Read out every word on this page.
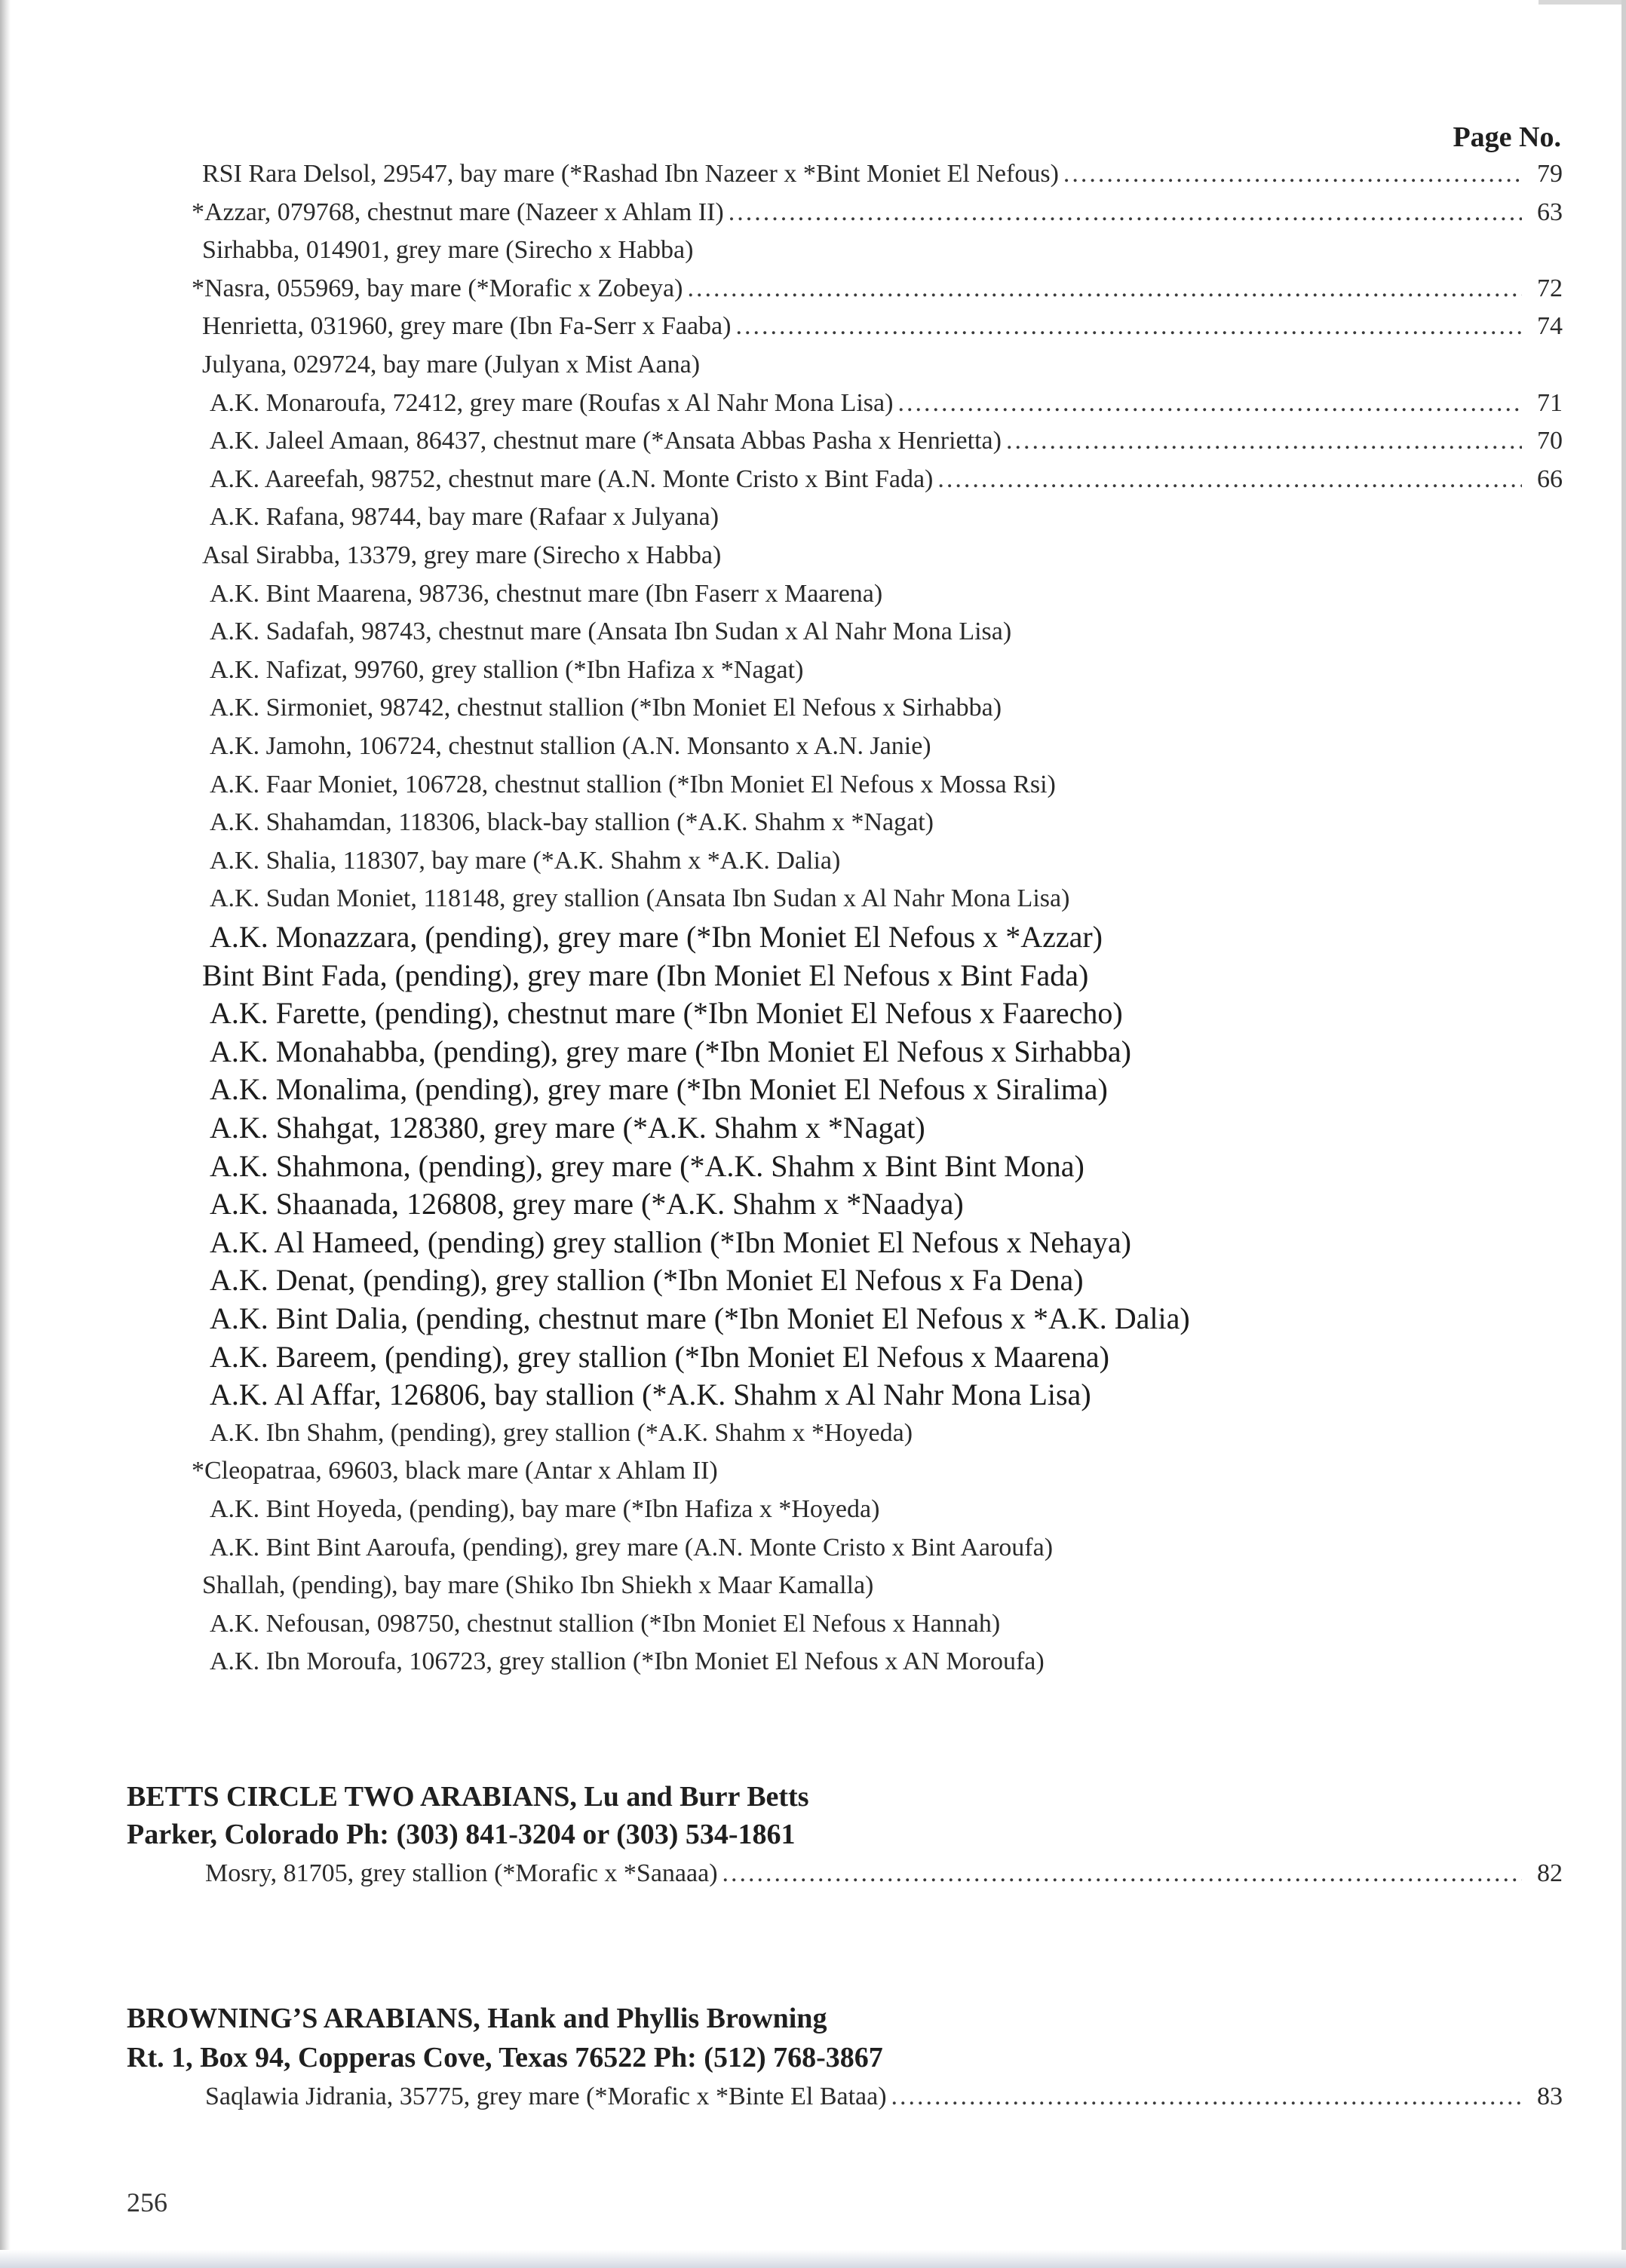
Page No.
RSI Rara Delsol, 29547, bay mare (*Rashad Ibn Nazeer x *Bint Moniet El Nefous) .....	79
*Azzar, 079768, chestnut mare (Nazeer x Ahlam II) .....	63
Sirhabba, 014901, grey mare (Sirecho x Habba)
*Nasra, 055969, bay mare (*Morafic x Zobeya) .....	72
Henrietta, 031960, grey mare (Ibn Fa-Serr x Faaba) .....	74
Julyana, 029724, bay mare (Julyan x Mist Aana)
A.K. Monaroufa, 72412, grey mare (Roufas x Al Nahr Mona Lisa) .....	71
A.K. Jaleel Amaan, 86437, chestnut mare (*Ansata Abbas Pasha x Henrietta) .....	70
A.K. Aareefah, 98752, chestnut mare (A.N. Monte Cristo x Bint Fada) .....	66
A.K. Rafana, 98744, bay mare (Rafaar x Julyana)
Asal Sirabba, 13379, grey mare (Sirecho x Habba)
A.K. Bint Maarena, 98736, chestnut mare (Ibn Faserr x Maarena)
A.K. Sadafah, 98743, chestnut mare (Ansata Ibn Sudan x Al Nahr Mona Lisa)
A.K. Nafizat, 99760, grey stallion (*Ibn Hafiza x *Nagat)
A.K. Sirmoniet, 98742, chestnut stallion (*Ibn Moniet El Nefous x Sirhabba)
A.K. Jamohn, 106724, chestnut stallion (A.N. Monsanto x A.N. Janie)
A.K. Faar Moniet, 106728, chestnut stallion (*Ibn Moniet El Nefous x Mossa Rsi)
A.K. Shahamdan, 118306, black-bay stallion (*A.K. Shahm x *Nagat)
A.K. Shalia, 118307, bay mare (*A.K. Shahm x *A.K. Dalia)
A.K. Sudan Moniet, 118148, grey stallion (Ansata Ibn Sudan x Al Nahr Mona Lisa)
A.K. Monazzara, (pending), grey mare (*Ibn Moniet El Nefous x *Azzar)
Bint Bint Fada, (pending), grey mare (Ibn Moniet El Nefous x Bint Fada)
A.K. Farette, (pending), chestnut mare (*Ibn Moniet El Nefous x Faarecho)
A.K. Monahabba, (pending), grey mare (*Ibn Moniet El Nefous x Sirhabba)
A.K. Monalima, (pending), grey mare (*Ibn Moniet El Nefous x Siralima)
A.K. Shahgat, 128380, grey mare (*A.K. Shahm x *Nagat)
A.K. Shahmona, (pending), grey mare (*A.K. Shahm x Bint Bint Mona)
A.K. Shaanada, 126808, grey mare (*A.K. Shahm x *Naadya)
A.K. Al Hameed, (pending) grey stallion (*Ibn Moniet El Nefous x Nehaya)
A.K. Denat, (pending), grey stallion (*Ibn Moniet El Nefous x Fa Dena)
A.K. Bint Dalia, (pending, chestnut mare (*Ibn Moniet El Nefous x *A.K. Dalia)
A.K. Bareem, (pending), grey stallion (*Ibn Moniet El Nefous x Maarena)
A.K. Al Affar, 126806, bay stallion (*A.K. Shahm x Al Nahr Mona Lisa)
A.K. Ibn Shahm, (pending), grey stallion (*A.K. Shahm x *Hoyeda)
*Cleopatraa, 69603, black mare (Antar x Ahlam II)
A.K. Bint Hoyeda, (pending), bay mare (*Ibn Hafiza x *Hoyeda)
A.K. Bint Bint Aaroufa, (pending), grey mare (A.N. Monte Cristo x Bint Aaroufa)
Shallah, (pending), bay mare (Shiko Ibn Shiekh x Maar Kamalla)
A.K. Nefousan, 098750, chestnut stallion (*Ibn Moniet El Nefous x Hannah)
A.K. Ibn Moroufa, 106723, grey stallion (*Ibn Moniet El Nefous x AN Moroufa)
BETTS CIRCLE TWO ARABIANS, Lu and Burr Betts
Parker, Colorado Ph: (303) 841-3204 or (303) 534-1861
Mosry, 81705, grey stallion (*Morafic x *Sanaaa) .....	82
BROWNING’S ARABIANS, Hank and Phyllis Browning
Rt. 1, Box 94, Copperas Cove, Texas 76522 Ph: (512) 768-3867
Saqlawia Jidrania, 35775, grey mare (*Morafic x *Binte El Bataa) .....	83
256
